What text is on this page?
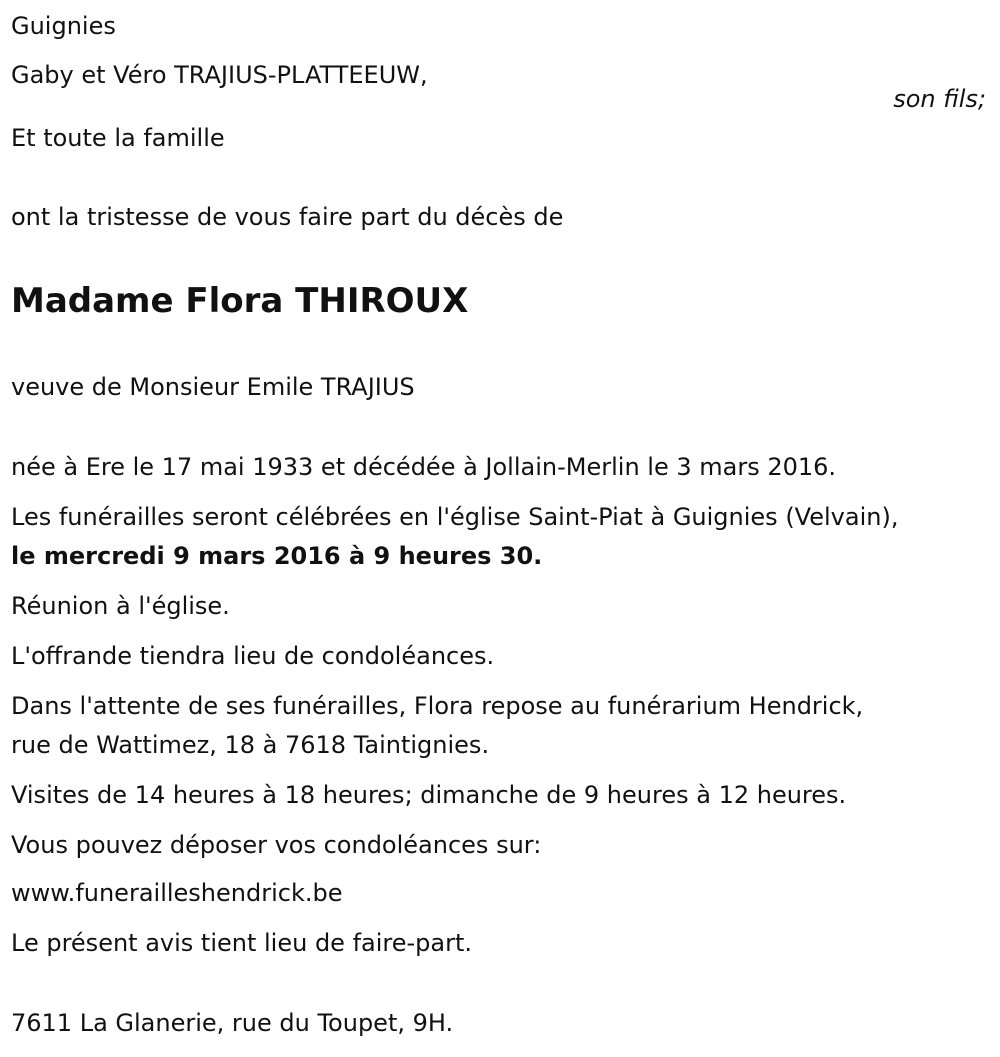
Guignies

Gaby et Véro TRAJIUS-PLATTEEUW,

son fils;

Et toute la famille

ont la tristesse de vous faire part du décès de

Madame Flora THIROUX

veuve de Monsieur Emile TRAJIUS

née à Ere le 17 mai 1933 et décédée à Jollain-Merlin le 3 mars 2016.

Les funérailles seront célébrées en l'église Saint-Piat à Guignies (Velvain),

le mercredi 9 mars 2016 à 9 heures 30.

Réunion à l'église.

L'offrande tiendra lieu de condoléances.

Dans l'attente de ses funérailles, Flora repose au funérarium Hendrick,

rue de Wattimez, 18 à 7618 Taintignies.

Visites de 14 heures à 18 heures; dimanche de 9 heures à 12 heures.

Vous pouvez déposer vos condoléances sur:

www.funerailleshendrick.be

Le présent avis tient lieu de faire-part.

7611 La Glanerie, rue du Toupet, 9H.
